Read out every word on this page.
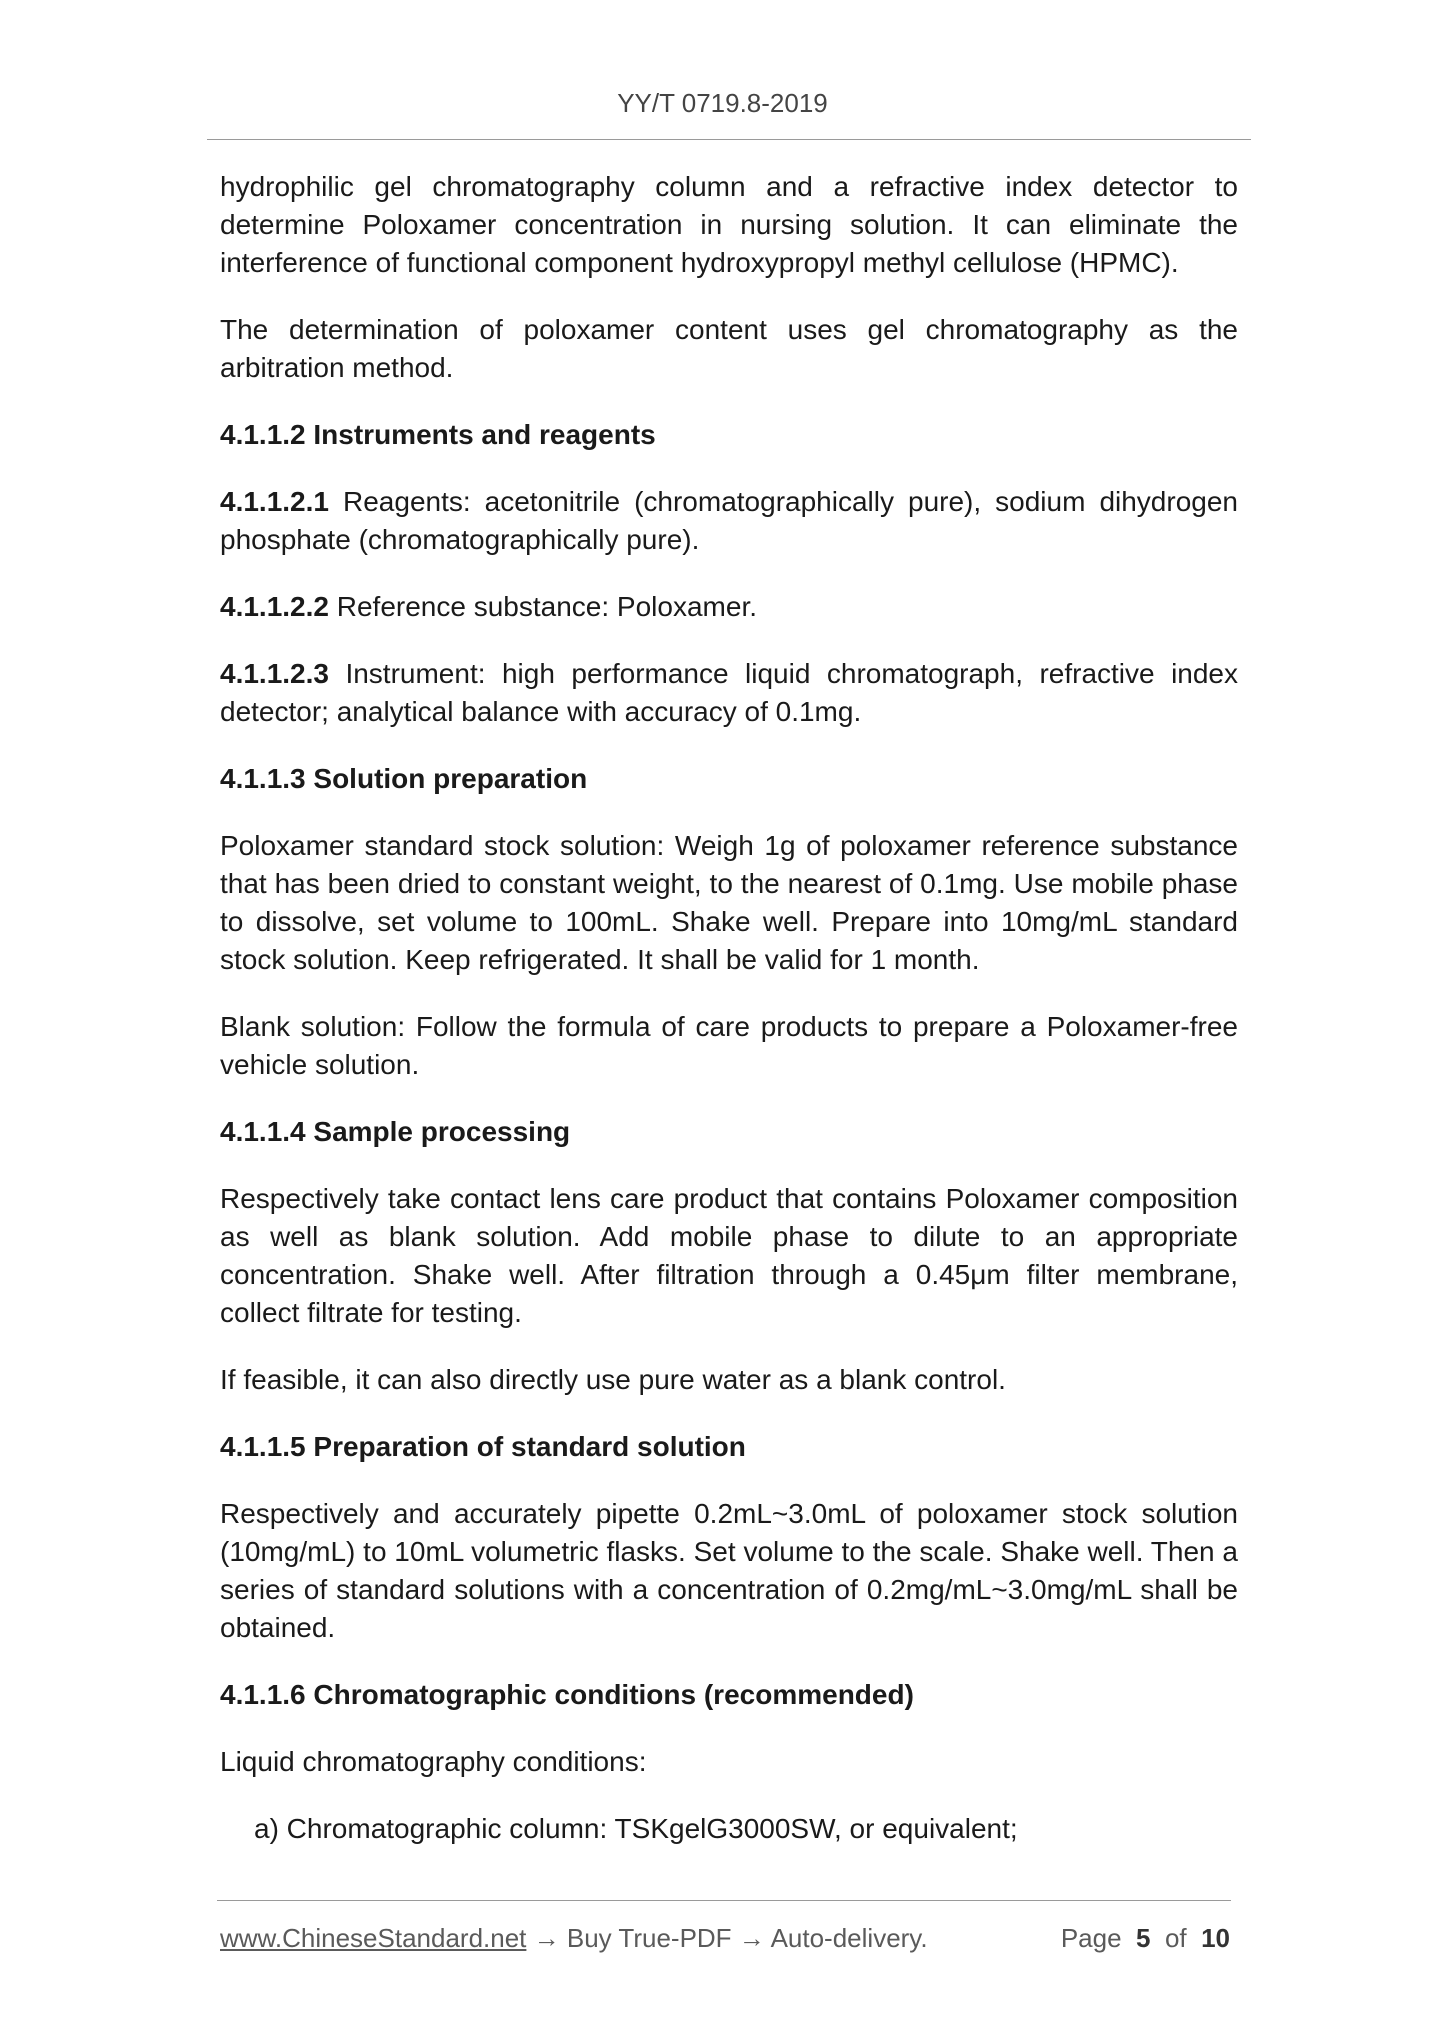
YY/T 0719.8-2019

hydrophilic gel chromatography column and a refractive index detector to determine Poloxamer concentration in nursing solution. It can eliminate the interference of functional component hydroxypropyl methyl cellulose (HPMC).

The determination of poloxamer content uses gel chromatography as the arbitration method.

4.1.1.2 Instruments and reagents

4.1.1.2.1 Reagents: acetonitrile (chromatographically pure), sodium dihydrogen phosphate (chromatographically pure).

4.1.1.2.2 Reference substance: Poloxamer.

4.1.1.2.3 Instrument: high performance liquid chromatograph, refractive index detector; analytical balance with accuracy of 0.1mg.

4.1.1.3 Solution preparation

Poloxamer standard stock solution: Weigh 1g of poloxamer reference substance that has been dried to constant weight, to the nearest of 0.1mg. Use mobile phase to dissolve, set volume to 100mL. Shake well. Prepare into 10mg/mL standard stock solution. Keep refrigerated. It shall be valid for 1 month.

Blank solution: Follow the formula of care products to prepare a Poloxamer-free vehicle solution.

4.1.1.4 Sample processing

Respectively take contact lens care product that contains Poloxamer composition as well as blank solution. Add mobile phase to dilute to an appropriate concentration. Shake well. After filtration through a 0.45μm filter membrane, collect filtrate for testing.

If feasible, it can also directly use pure water as a blank control.

4.1.1.5 Preparation of standard solution

Respectively and accurately pipette 0.2mL~3.0mL of poloxamer stock solution (10mg/mL) to 10mL volumetric flasks. Set volume to the scale. Shake well. Then a series of standard solutions with a concentration of 0.2mg/mL~3.0mg/mL shall be obtained.

4.1.1.6 Chromatographic conditions (recommended)

Liquid chromatography conditions:

a) Chromatographic column: TSKgelG3000SW, or equivalent;

www.ChineseStandard.net → Buy True-PDF → Auto-delivery.	Page 5 of 10
